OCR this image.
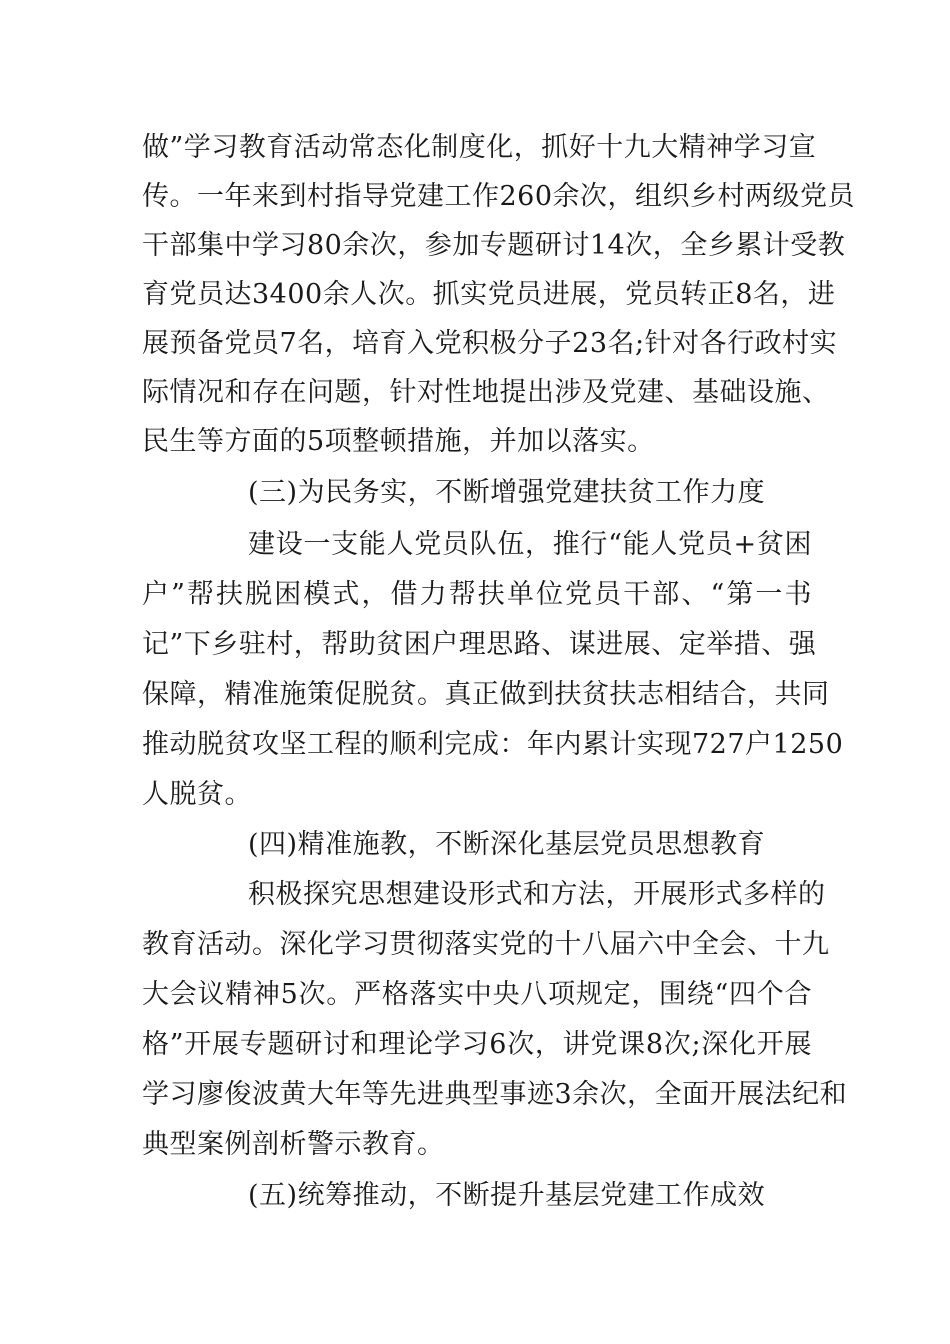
做”学习教育活动常态化制度化，抓好十九大精神学习宣
传。一年来到村指导党建工作260余次，组织乡村两级党员
干部集中学习80余次，参加专题研讨14次，全乡累计受教
育党员达3400余人次。抓实党员进展，党员转正8名，进
展预备党员7名，培育入党积极分子23名;针对各行政村实
际情况和存在问题，针对性地提出涉及党建、基础设施、
民生等方面的5项整顿措施，并加以落实。
(三)为民务实，不断增强党建扶贫工作力度
建设一支能人党员队伍，推行“能人党员+贫困
户”帮扶脱困模式，借力帮扶单位党员干部、“第一书
记”下乡驻村，帮助贫困户理思路、谋进展、定举措、强
保障，精准施策促脱贫。真正做到扶贫扶志相结合，共同
推动脱贫攻坚工程的顺利完成：年内累计实现727户1250
人脱贫。
(四)精准施教，不断深化基层党员思想教育
积极探究思想建设形式和方法，开展形式多样的
教育活动。深化学习贯彻落实党的十八届六中全会、十九
大会议精神5次。严格落实中央八项规定，围绕“四个合
格”开展专题研讨和理论学习6次，讲党课8次;深化开展
学习廖俊波黄大年等先进典型事迹3余次，全面开展法纪和
典型案例剖析警示教育。
(五)统筹推动，不断提升基层党建工作成效
